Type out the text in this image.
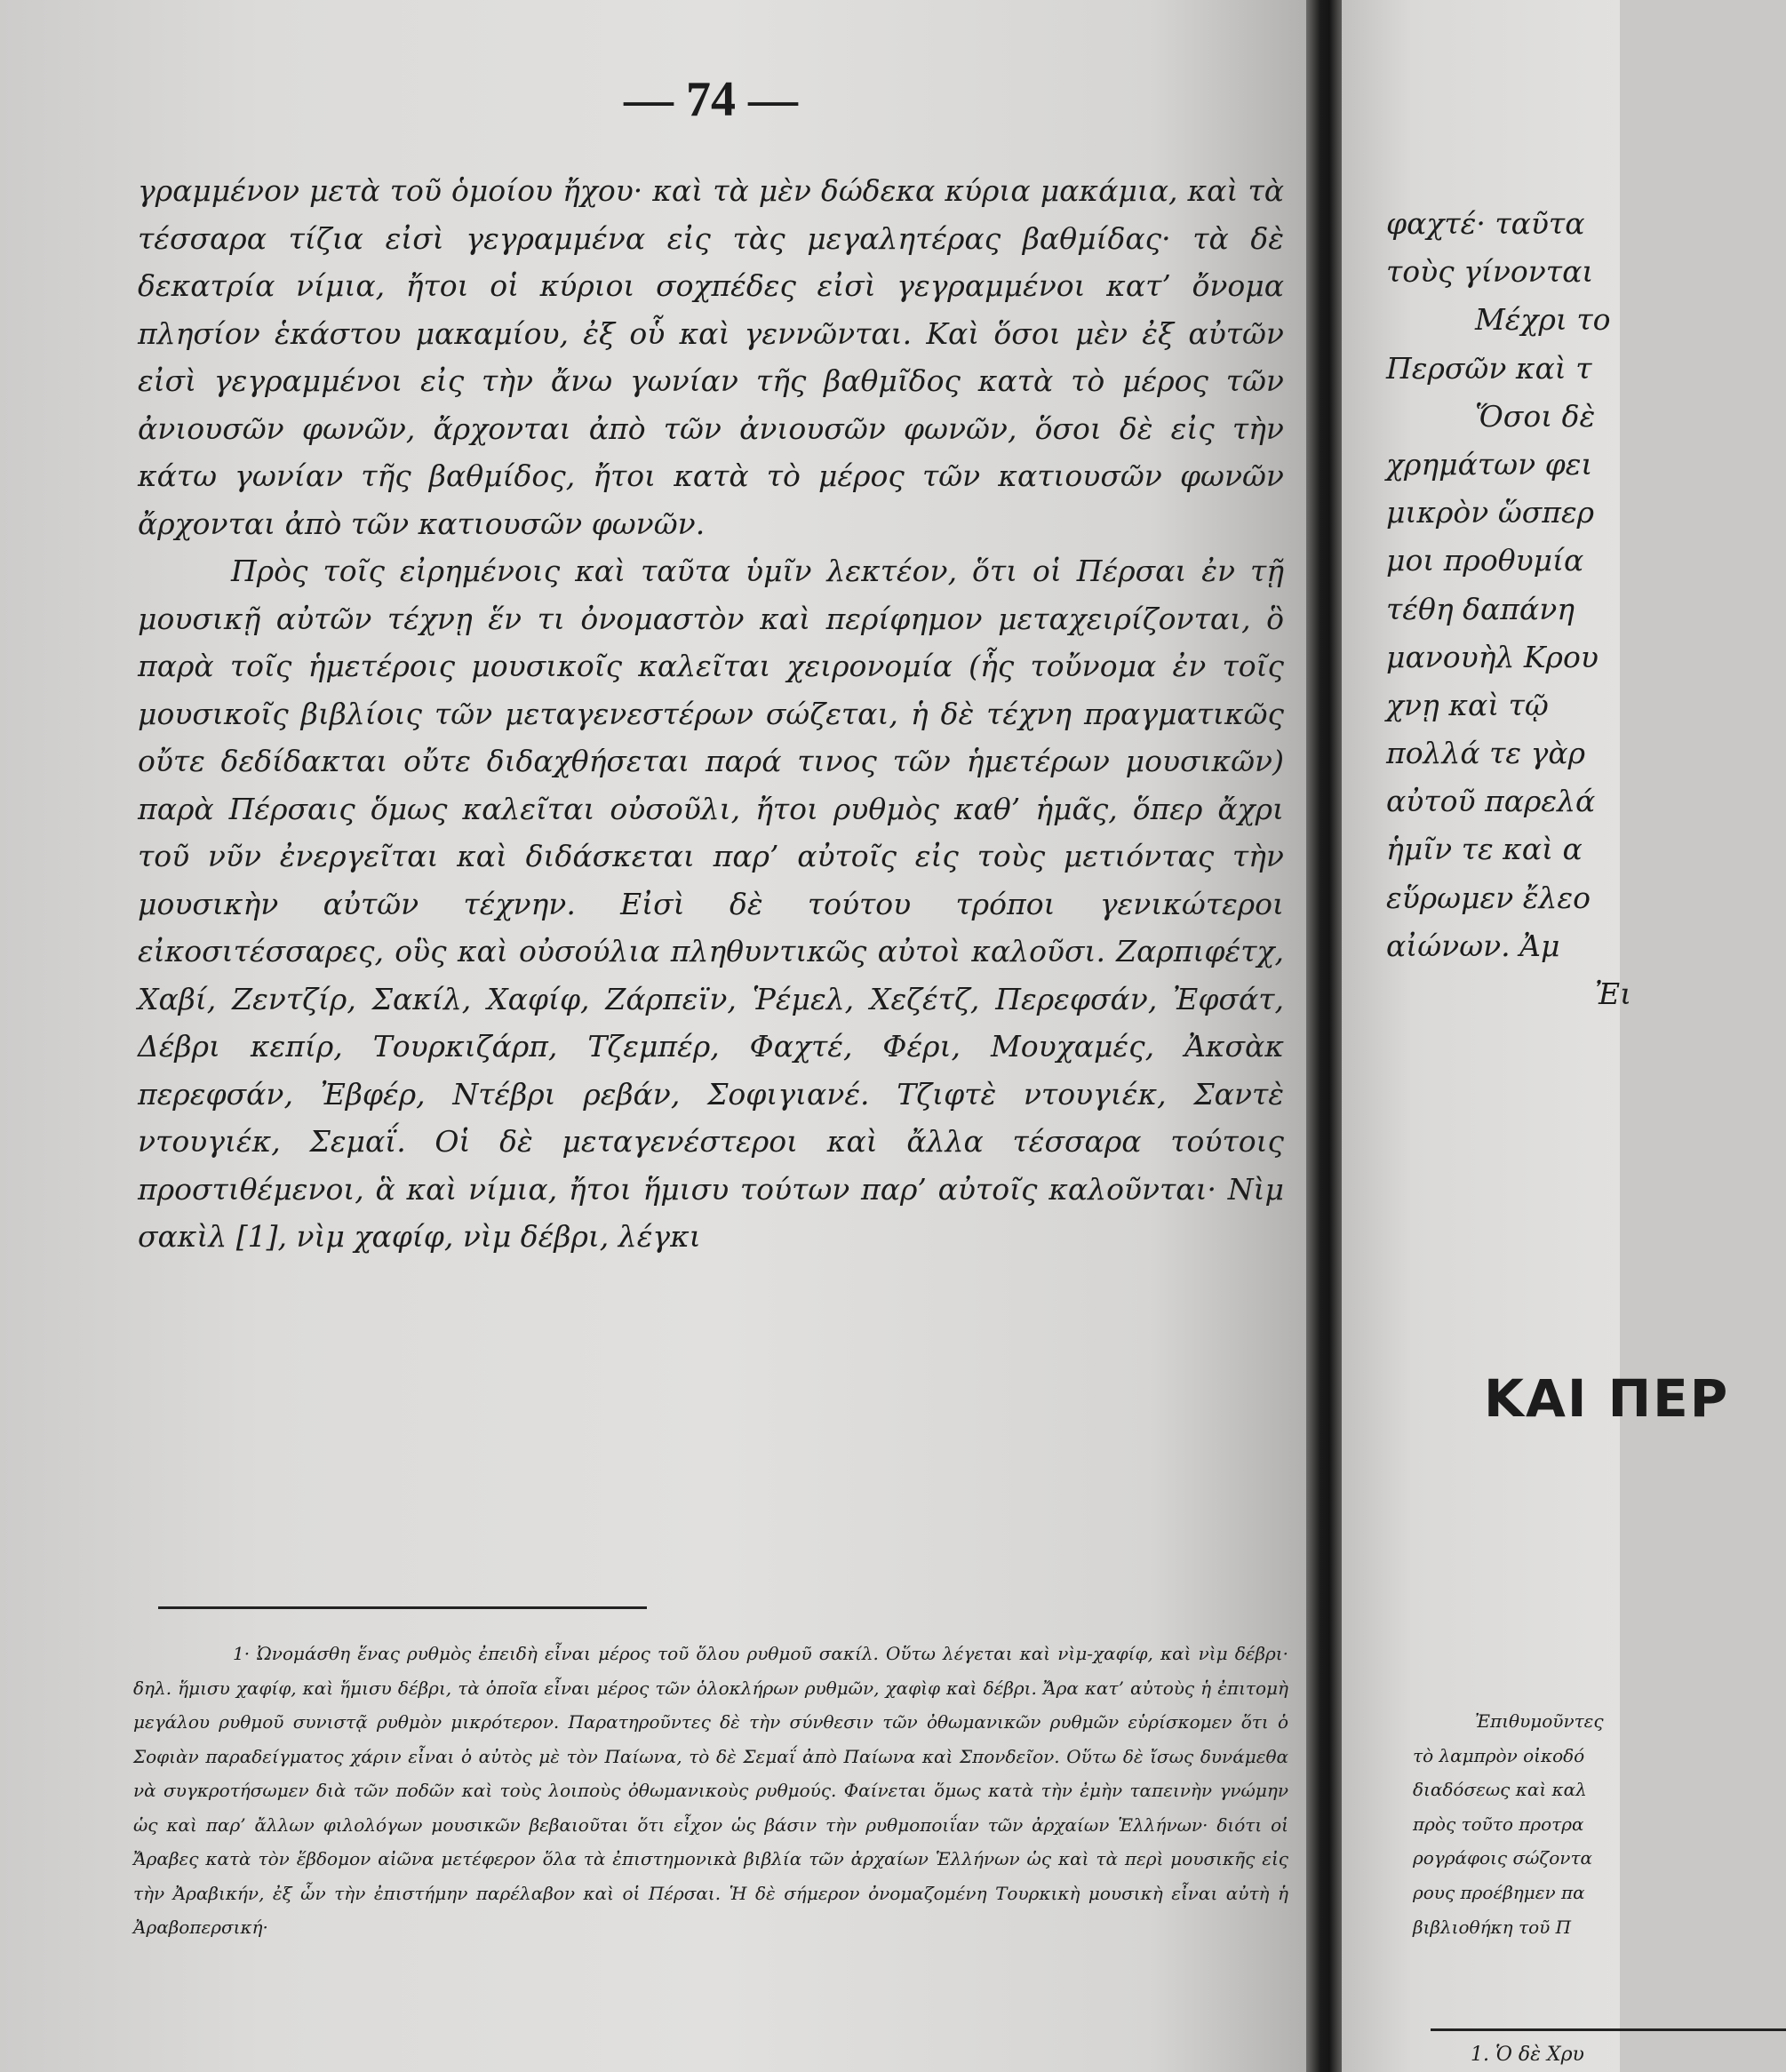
— 74 —

γραμμένον μετὰ τοῦ ὁμοίου ἤχου· καὶ τὰ μὲν δώδεκα κύρια μακάμια, καὶ τὰ τέσσαρα τίζια εἰσὶ γεγραμμένα εἰς τὰς μεγαλητέρας βαθμίδας· τὰ δὲ δεκατρία νίμια, ἤτοι οἱ κύριοι σοχπέδες εἰσὶ γεγραμμένοι κατ’ ὄνομα πλησίον ἑκάστου μακαμίου, ἐξ οὗ καὶ γεννῶνται. Καὶ ὅσοι μὲν ἐξ αὐτῶν εἰσὶ γεγραμμένοι εἰς τὴν ἄνω γωνίαν τῆς βαθμῖδος κατὰ τὸ μέρος τῶν ἀνιουσῶν φωνῶν, ἄρχονται ἀπὸ τῶν ἀνιουσῶν φωνῶν, ὅσοι δὲ εἰς τὴν κάτω γωνίαν τῆς βαθμίδος, ἤτοι κατὰ τὸ μέρος τῶν κατιουσῶν φωνῶν ἄρχονται ἀπὸ τῶν κατιουσῶν φωνῶν.

Πρὸς τοῖς εἰρημένοις καὶ ταῦτα ὑμῖν λεκτέον, ὅτι οἱ Πέρσαι ἐν τῇ μουσικῇ αὐτῶν τέχνῃ ἕν τι ὀνομαστὸν καὶ περίφημον μεταχειρίζονται, ὃ παρὰ τοῖς ἡμετέροις μουσικοῖς καλεῖται χειρονομία (ἧς τοὔνομα ἐν τοῖς μουσικοῖς βιβλίοις τῶν μεταγενεστέρων σώζεται, ἡ δὲ τέχνη πραγματικῶς οὔτε δεδίδακται οὔτε διδαχθήσεται παρά τινος τῶν ἡμετέρων μουσικῶν) παρὰ Πέρσαις ὅμως καλεῖται οὐσοῦλι, ἤτοι ρυθμὸς καθ’ ἡμᾶς, ὅπερ ἄχρι τοῦ νῦν ἐνεργεῖται καὶ διδάσκεται παρ’ αὐτοῖς εἰς τοὺς μετιόντας τὴν μουσικὴν αὐτῶν τέχνην. Εἰσὶ δὲ τούτου τρόποι γενικώτεροι εἰκοσιτέσσαρες, οὓς καὶ οὐσούλια πληθυντικῶς αὐτοὶ καλοῦσι. Ζαρπιφέτχ, Χαβί, Ζεντζίρ, Σακίλ, Χαφίφ, Ζάρπεϊν, Ῥέμελ, Χεζέτζ, Περεφσάν, Ἐφσάτ, Δέβρι κεπίρ, Τουρκιζάρπ, Τζεμπέρ, Φαχτέ, Φέρι, Μουχαμές, Ἀκσὰκ περεφσάν, Ἐβφέρ, Ντέβρι ρεβάν, Σοφιγιανέ. Τζιφτὲ ντουγιέκ, Σαντὲ ντουγιέκ, Σεμαΐ. Οἱ δὲ μεταγενέστεροι καὶ ἄλλα τέσσαρα τούτοις προστιθέμενοι, ἃ καὶ νίμια, ἤτοι ἥμισυ τούτων παρ’ αὐτοῖς καλοῦνται· Νὶμ σακὶλ [1], νὶμ χαφίφ, νὶμ δέβρι, λέγκι

1· Ὠνομάσθη ἕνας ρυθμὸς ἐπειδὴ εἶναι μέρος τοῦ ὅλου ρυθμοῦ σακίλ. Οὕτω λέγεται καὶ νὶμ-χαφίφ, καὶ νὶμ δέβρι· δηλ. ἥμισυ χαφίφ, καὶ ἥμισυ δέβρι, τὰ ὁποῖα εἶναι μέρος τῶν ὁλοκλήρων ρυθμῶν, χαφὶφ καὶ δέβρι. Ἄρα κατ’ αὐτοὺς ἡ ἐπιτομὴ μεγάλου ρυθμοῦ συνιστᾷ ρυθμὸν μικρότερον. Παρατηροῦντες δὲ τὴν σύνθεσιν τῶν ὀθωμανικῶν ρυθμῶν εὑρίσκομεν ὅτι ὁ Σοφιὰν παραδείγματος χάριν εἶναι ὁ αὐτὸς μὲ τὸν Παίωνα, τὸ δὲ Σεμαΐ ἀπὸ Παίωνα καὶ Σπονδεῖον. Οὕτω δὲ ἴσως δυνάμεθα νὰ συγκροτήσωμεν διὰ τῶν ποδῶν καὶ τοὺς λοιποὺς ὀθωμανικοὺς ρυθμούς. Φαίνεται ὅμως κατὰ τὴν ἐμὴν ταπεινὴν γνώμην ὡς καὶ παρ’ ἄλλων φιλολόγων μουσικῶν βεβαιοῦται ὅτι εἶχον ὡς βάσιν τὴν ρυθμοποιΐαν τῶν ἀρχαίων Ἑλλήνων· διότι οἱ Ἄραβες κατὰ τὸν ἕβδομον αἰῶνα μετέφερον ὅλα τὰ ἐπιστημονικὰ βιβλία τῶν ἀρχαίων Ἑλλήνων ὡς καὶ τὰ περὶ μουσικῆς εἰς τὴν Ἀραβικήν, ἐξ ὧν τὴν ἐπιστήμην παρέλαβον καὶ οἱ Πέρσαι. Ἡ δὲ σήμερον ὀνομαζομένη Τουρκικὴ μουσικὴ εἶναι αὐτὴ ἡ Ἀραβοπερσική·

φαχτέ· ταῦτα
τοὺς γίνονται
Μέχρι το
Περσῶν καὶ τ
Ὅσοι δὲ
χρημάτων φει
μικρὸν ὥσπερ
μοι προθυμία
τέθη δαπάνη
μανουὴλ Κρου
χνῃ καὶ τῷ
πολλά τε γὰρ
αὐτοῦ παρελά
ἡμῖν τε καὶ α
εὕρωμεν ἔλεο
αἰώνων. Ἀμ
Ἐι
ΚΑΙ ΠΕΡ
Ἐπιθυμοῦντες
τὸ λαμπρὸν οἰκοδό
διαδόσεως καὶ καλ
πρὸς τοῦτο προτρα
ρογράφοις σώζοντα
ρους προέβημεν πα
βιβλιοθήκη τοῦ Π
1. Ὁ δὲ Χρυ
